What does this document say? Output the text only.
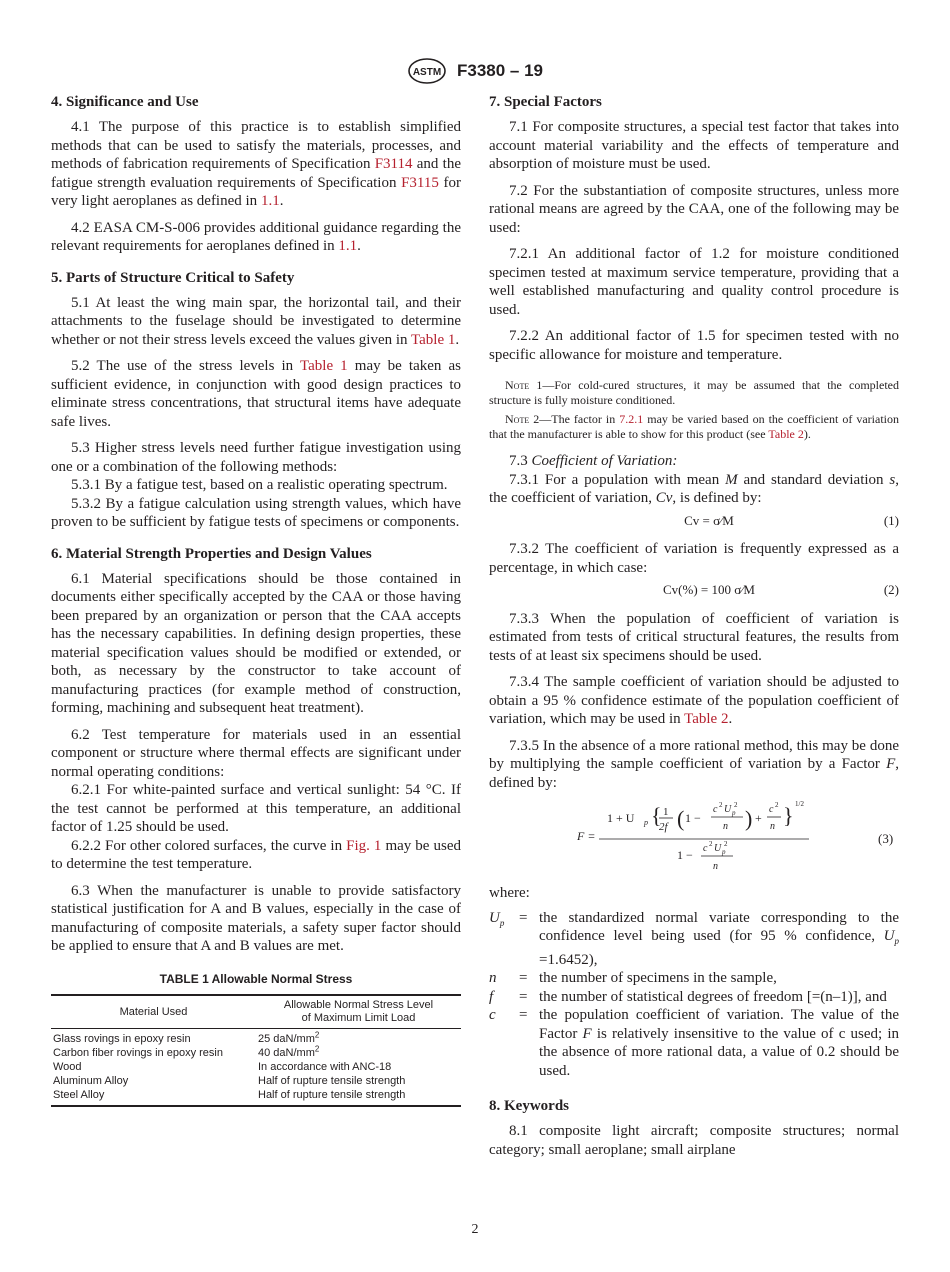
ASTM F3380 – 19
4. Significance and Use

4.1 The purpose of this practice is to establish simplified methods that can be used to satisfy the materials, processes, and methods of fabrication requirements of Specification F3114 and the fatigue strength evaluation requirements of Specification F3115 for very light aeroplanes as defined in 1.1.

4.2 EASA CM-S-006 provides additional guidance regarding the relevant requirements for aeroplanes defined in 1.1.

5. Parts of Structure Critical to Safety

5.1 At least the wing main spar, the horizontal tail, and their attachments to the fuselage should be investigated to determine whether or not their stress levels exceed the values given in Table 1.

5.2 The use of the stress levels in Table 1 may be taken as sufficient evidence, in conjunction with good design practices to eliminate stress concentrations, that structural items have adequate safe lives.

5.3 Higher stress levels need further fatigue investigation using one or a combination of the following methods:

5.3.1 By a fatigue test, based on a realistic operating spectrum.

5.3.2 By a fatigue calculation using strength values, which have proven to be sufficient by fatigue tests of specimens or components.

6. Material Strength Properties and Design Values

6.1 Material specifications should be those contained in documents either specifically accepted by the CAA or those having been prepared by an organization or person that the CAA accepts has the necessary capabilities. In defining design properties, these material specification values should be modified or extended, or both, as necessary by the constructor to take account of manufacturing practices (for example method of construction, forming, machining and subsequent heat treatment).

6.2 Test temperature for materials used in an essential component or structure where thermal effects are significant under normal operating conditions:

6.2.1 For white-painted surface and vertical sunlight: 54 °C. If the test cannot be performed at this temperature, an additional factor of 1.25 should be used.

6.2.2 For other colored surfaces, the curve in Fig. 1 may be used to determine the test temperature.

6.3 When the manufacturer is unable to provide satisfactory statistical justification for A and B values, especially in the case of manufacturing of composite materials, a safety super factor should be applied to ensure that A and B values are met.

TABLE 1 Allowable Normal Stress
Material Used	Allowable Normal Stress Level
of Maximum Limit Load
Glass rovings in epoxy resin	25 daN/$mm^2$
Carbon fiber rovings in epoxy resin	40 daN/$mm^2$
Wood	In accordance with ANC-18
Aluminum Alloy	Half of rupture tensile strength
Steel Alloy	Half of rupture tensile strength
7. Special Factors

7.1 For composite structures, a special test factor that takes into account material variability and the effects of temperature and absorption of moisture must be used.

7.2 For the substantiation of composite structures, unless more rational means are agreed by the CAA, one of the following may be used:

7.2.1 An additional factor of 1.2 for moisture conditioned specimen tested at maximum service temperature, providing that a well established manufacturing and quality control procedure is used.

7.2.2 An additional factor of 1.5 for specimen tested with no specific allowance for moisture and temperature.

Note 1—For cold-cured structures, it may be assumed that the completed structure is fully moisture conditioned.
Note 2—The factor in 7.2.1 may be varied based on the coefficient of variation that the manufacturer is able to show for this product (see Table 2).

7.3 Coefficient of Variation:

7.3.1 For a population with mean M and standard deviation s, the coefficient of variation, Cv, is defined by:

Cv = σ⁄M	(1)

7.3.2 The coefficient of variation is frequently expressed as a percentage, in which case:

Cv(%) = 100 σ⁄M	(2)

7.3.3 When the population of coefficient of variation is estimated from tests of critical structural features, the results from tests of at least six specimens should be used.

7.3.4 The sample coefficient of variation should be adjusted to obtain a 95 % confidence estimate of the population coefficient of variation, which may be used in Table 2.

7.3.5 In the absence of a more rational method, this may be done by multiplying the sample coefficient of variation by a Factor F, defined by:

F =
1 + U p { 1
2f ( 1 −
c 2 U p
2
n ) +
c 2
n } 1/2
1 − c 2 U p
2
n
(3)

where:

$U_p$ = the standardized normal variate corresponding to the confidence level being used (for 95 % confidence, $U_p =1.6452$),
n	= the number of specimens in the sample,
f	= the number of statistical degrees of freedom [=(n–1)], and
c	= the population coefficient of variation. The value of the Factor F is relatively insensitive to the value of c used; in the absence of more rational data, a value of 0.2 should be used.
8. Keywords

8.1 composite light aircraft; composite structures; normal category; small aeroplane; small airplane

2
